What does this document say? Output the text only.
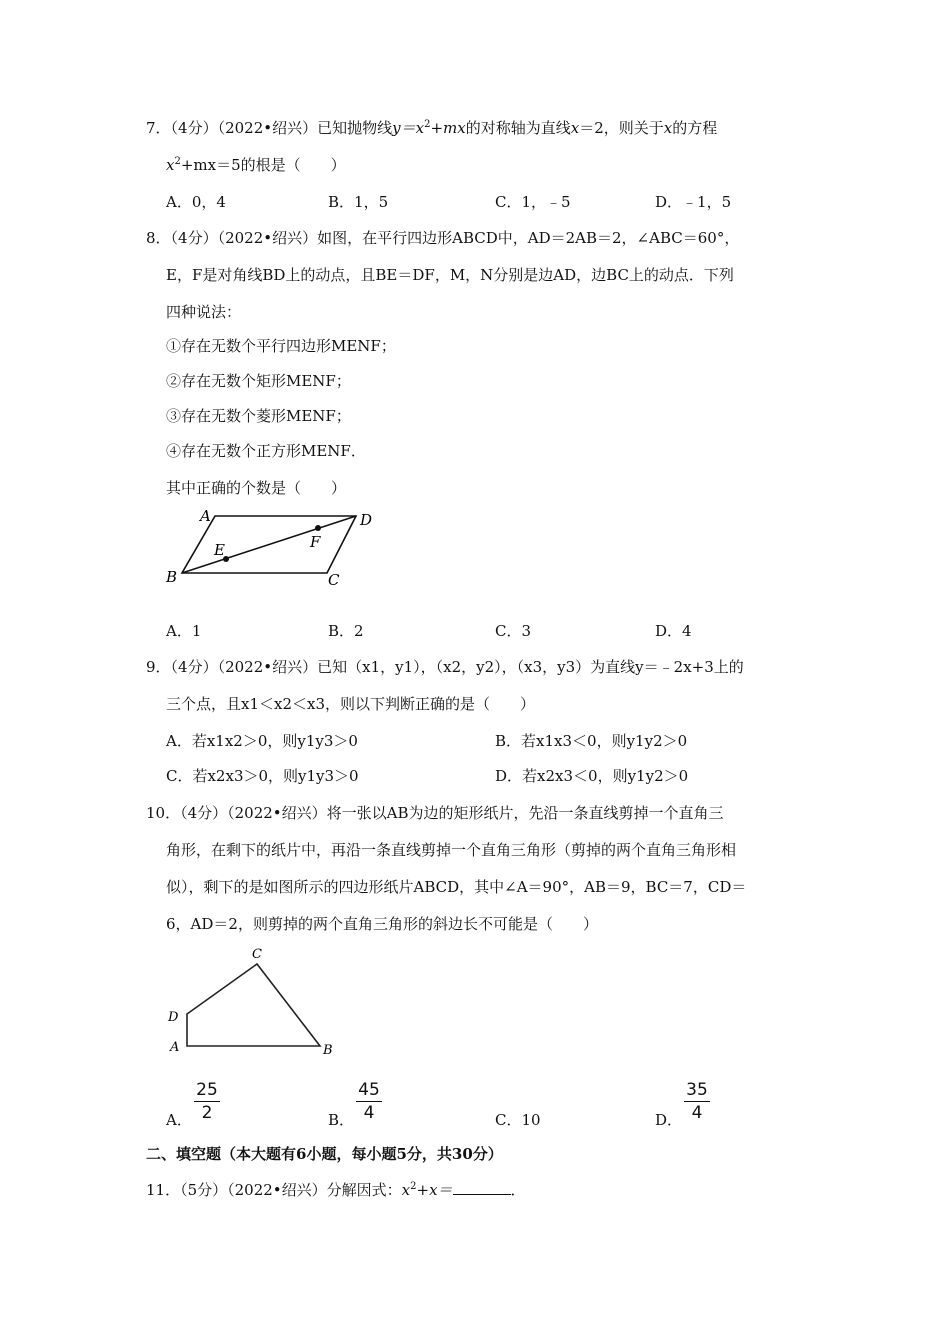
7．（4分）（2022•绍兴）已知抛物线$y=x^2+mx$的对称轴为直线x＝2，则关于x的方程
$x^2+mx=5$的根是（　　）
A．0，4	B．1，5	C．1，﹣5	D．﹣1，5
8．（4分）（2022•绍兴）如图，在平行四边形ABCD中，AD＝2AB＝2，∠ABC＝60°，
E，F是对角线BD上的动点，且BE＝DF，M，N分别是边AD，边BC上的动点．下列
四种说法：
①存在无数个平行四边形MENF；
②存在无数个矩形MENF；
③存在无数个菱形MENF；
④存在无数个正方形MENF．
其中正确的个数是（　　）
A	D
B	C
E	F
A．1	B．2	C．3	D．4
9．（4分）（2022•绍兴）已知（x1，y1），（x2，y2），（x3，y3）为直线y＝﹣2x+3上的
三个点，且x1＜x2＜x3，则以下判断正确的是（　　）
A．若x1x2＞0，则y1y3＞0	B．若x1x3＜0，则y1y2＞0
C．若x2x3＞0，则y1y3＞0	D．若x2x3＜0，则y1y2＞0
10．（4分）（2022•绍兴）将一张以AB为边的矩形纸片，先沿一条直线剪掉一个直角三
角形，在剩下的纸片中，再沿一条直线剪掉一个直角三角形（剪掉的两个直角三角形相
似），剩下的是如图所示的四边形纸片ABCD，其中∠A＝90°，AB＝9，BC＝7，CD＝
6，AD＝2，则剪掉的两个直角三角形的斜边长不可能是（　　）
C
D
A	B
A．
25
2	B．
45
4	C．10	D．
35
4
二、填空题（本大题有6小题，每小题5分，共30分）
11．（5分）（2022•绍兴）分解因式：$x^2+x=$	．
